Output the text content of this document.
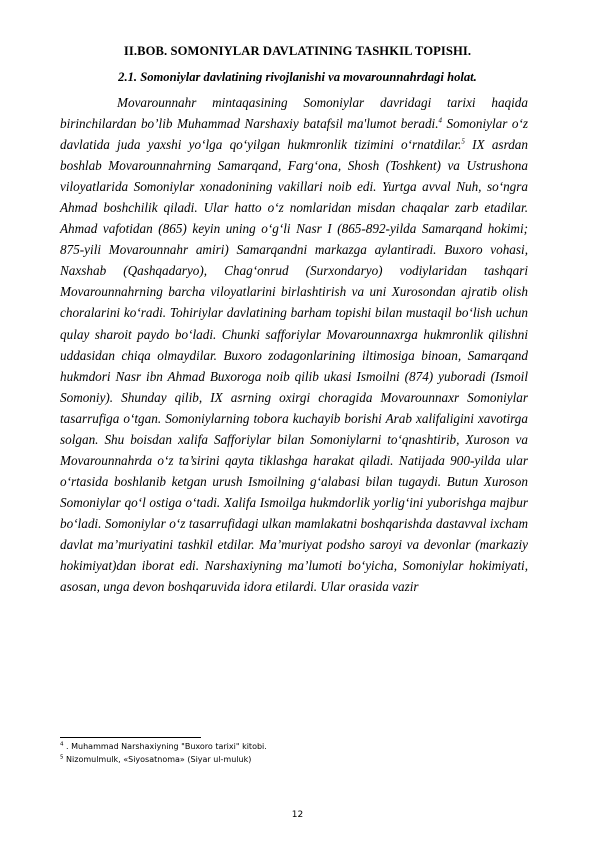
II.BOB. SOMONIYLAR DAVLATINING TASHKIL TOPISHI.
2.1. Somoniylar davlatining rivojlanishi va movarounnahrdagi holat.

Movarounnahr mintaqasining Somoniylar davridagi tarixi haqida birinchilardan bo’lib Muhammad Narshaxiy batafsil ma'lumot beradi.$^4$ Somoniylar o‘z davlatida juda yaxshi yo‘lga qo‘yilgan hukmronlik tizimini o‘rnatdilar.$^5$ IX asrdan boshlab Movarounnahrning Samarqand, Farg‘ona, Shosh (Toshkent) va Ustrushona viloyatlarida Somoniylar xonadonining vakillari noib edi. Yurtga avval Nuh, so‘ngra Ahmad boshchilik qiladi. Ular hatto o‘z nomlaridan misdan chaqalar zarb etadilar. Ahmad vafotidan (865) keyin uning o‘g‘li Nasr I (865-892-yilda Samarqand hokimi; 875-yili Movarounnahr amiri) Samarqandni markazga aylantiradi. Buxoro vohasi, Naxshab (Qashqadaryo), Chag‘onrud (Surxondaryo) vodiylaridan tashqari Movarounnahrning barcha viloyatlarini birlashtirish va uni Xurosondan ajratib olish choralarini ko‘radi. Tohiriylar davlatining barham topishi bilan mustaqil bo‘lish uchun qulay sharoit paydo bo‘ladi. Chunki safforiylar Movarounnaxrga hukmronlik qilishni uddasidan chiqa olmaydilar. Buxoro zodagonlarining iltimosiga binoan, Samarqand hukmdori Nasr ibn Ahmad Buxoroga noib qilib ukasi Ismoilni (874) yuboradi (Ismoil Somoniy). Shunday qilib, IX asrning oxirgi choragida Movarounnaxr Somoniylar tasarrufiga o‘tgan. Somoniylarning tobora kuchayib borishi Arab xalifaligini xavotirga solgan. Shu boisdan xalifa Safforiylar bilan Somoniylarni to‘qnashtirib, Xuroson va Movarounnahrda o‘z ta’sirini qayta tiklashga harakat qiladi. Natijada 900-yilda ular o‘rtasida boshlanib ketgan urush Ismoilning g‘alabasi bilan tugaydi. Butun Xuroson Somoniylar qo‘l ostiga o‘tadi. Xalifa Ismoilga hukmdorlik yorlig‘ini yuborishga majbur bo‘ladi. Somoniylar o‘z tasarrufidagi ulkan mamlakatni boshqarishda dastavval ixcham davlat ma’muriyatini tashkil etdilar. Ma’muriyat podsho saroyi va devonlar (markaziy hokimiyat)dan iborat edi. Narshaxiyning ma’lumoti bo‘yicha, Somoniylar hokimiyati, asosan, unga devon boshqaruvida idora etilardi. Ular orasida vazir

$^4$ . Muhammad Narshaxiyning "Buxoro tarixi" kitobi.
$^5$ Nizomulmulk, «Siyosatnoma» (Siyar ul-muluk)
12
